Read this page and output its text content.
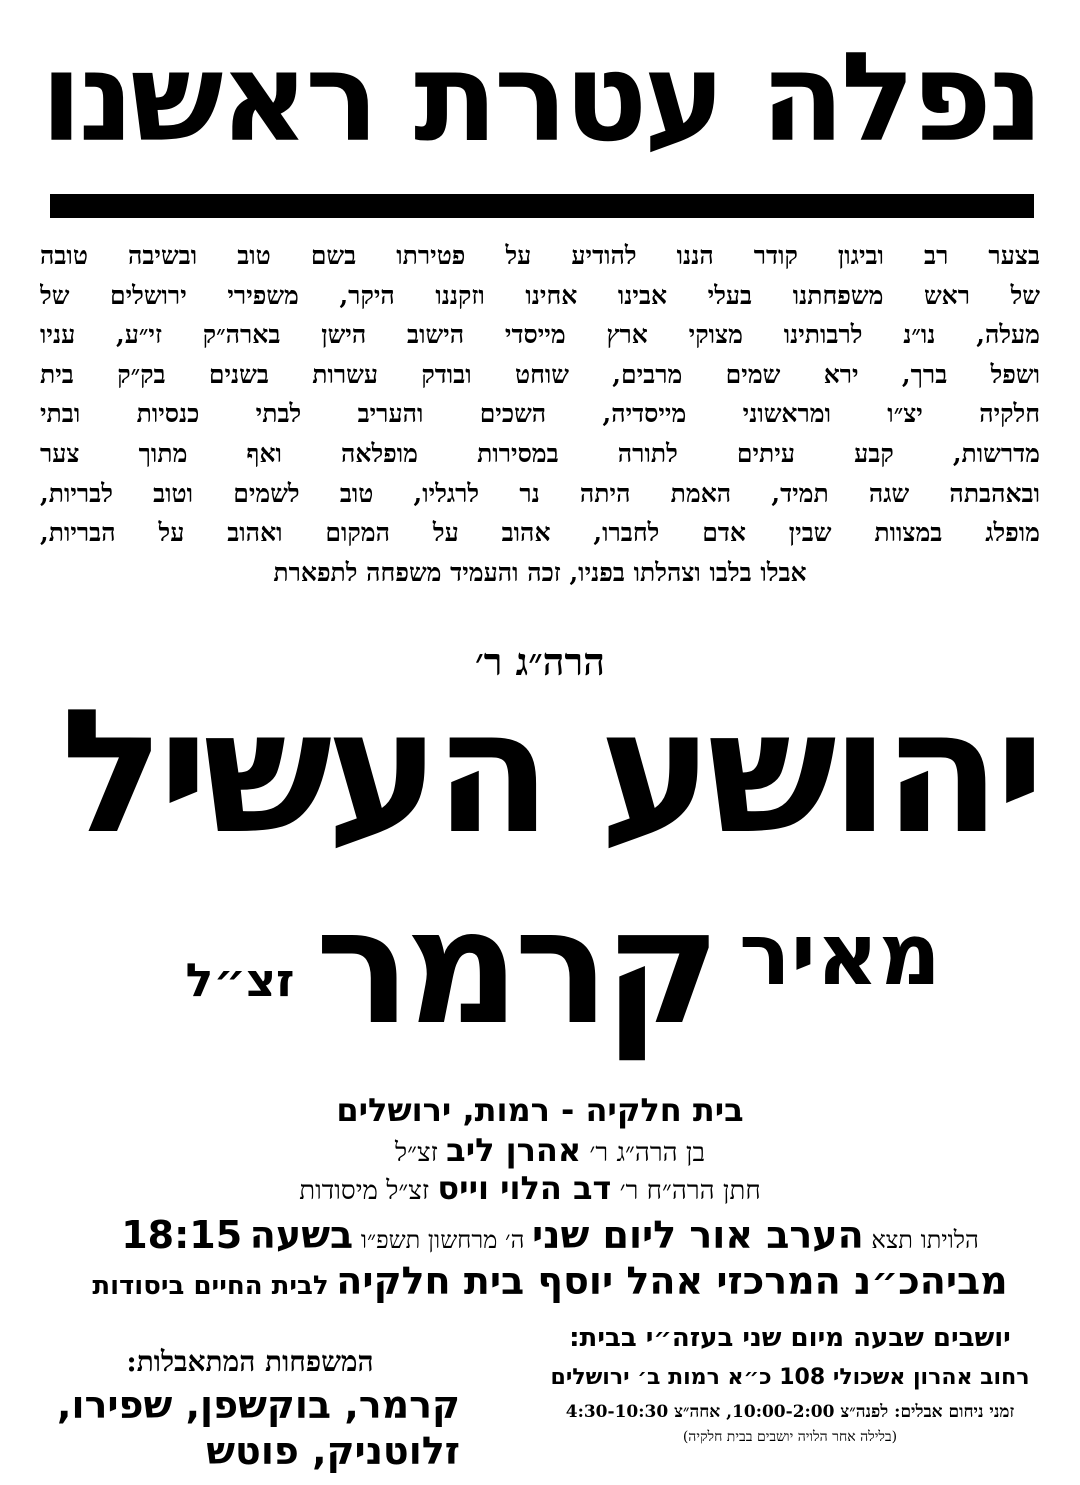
נפלה עטרת ראשנו
בצער רב וביגון קודר הננו להודיע על פטירתו בשם טוב ובשיבה טובה
של ראש משפחתנו בעלי אבינו אחינו וזקננו היקר, משפירי ירושלים של
מעלה, נו״נ לרבותינו מצוקי ארץ מייסדי הישוב הישן בארה״ק זי״ע, עניו
ושפל ברך, ירא שמים מרבים, שוחט ובודק עשרות בשנים בק״ק בית
חלקיה יצ״ו ומראשוני מייסדיה, השכים והעריב לבתי כנסיות ובתי
מדרשות, קבע עיתים לתורה במסירות מופלאה ואף מתוך צער
ובאהבתה שגה תמיד, האמת היתה נר לרגליו, טוב לשמים וטוב לבריות,
מופלג במצוות שבין אדם לחברו, אהוב על המקום ואהוב על הבריות,
אבלו בלבו וצהלתו בפניו, זכה והעמיד משפחה לתפארת
הרה״ג ר׳
יהושע העשיל
מאיר
קרמר
זצ״ל
בית חלקיה - רמות, ירושלים
בן הרה״ג ר׳ אהרן ליב זצ״ל
חתן הרה״ח ר׳ דב הלוי וייס זצ״ל מיסודות
הלויתו תצא הערב אור ליום שני ה׳ מרחשון תשפ״ו בשעה 18:15
מביהכ״נ המרכזי אהל יוסף בית חלקיה לבית החיים ביסודות
המשפחות המתאבלות:
קרמר, בוקשפן, שפירו,
זלוטניק, פוטש
יושבים שבעה מיום שני בעזה״י בבית:
רחוב אהרון אשכולי 108 כ״א רמות ב׳ ירושלים
זמני ניחום אבלים: לפנה״צ 10:00-2:00, אחה״צ 4:30-10:30
(בלילה אחר הלויה יושבים בבית חלקיה)
